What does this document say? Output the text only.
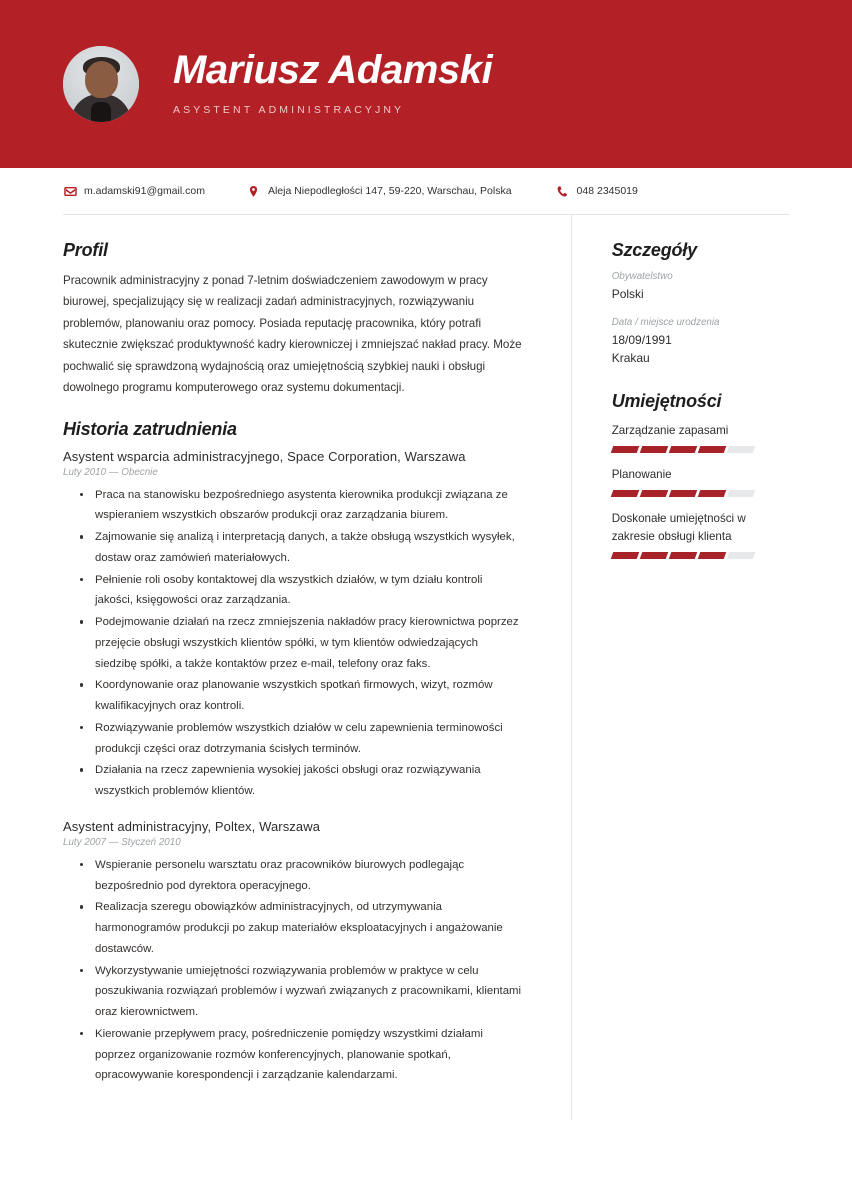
Mariusz Adamski
ASYSTENT ADMINISTRACYJNY
m.adamski91@gmail.com	Aleja Niepodległości 147, 59-220, Warschau, Polska	048 2345019
Profil

Pracownik administracyjny z ponad 7-letnim doświadczeniem zawodowym w pracy biurowej, specjalizujący się w realizacji zadań administracyjnych, rozwiązywaniu problemów, planowaniu oraz pomocy. Posiada reputację pracownika, który potrafi skutecznie zwiększać produktywność kadry kierowniczej i zmniejszać nakład pracy. Może pochwalić się sprawdzoną wydajnością oraz umiejętnością szybkiej nauki i obsługi dowolnego programu komputerowego oraz systemu dokumentacji.

Historia zatrudnienia
Asystent wsparcia administracyjnego, Space Corporation, Warszawa
Luty 2010 — Obecnie
Praca na stanowisku bezpośredniego asystenta kierownika produkcji związana ze wspieraniem wszystkich obszarów produkcji oraz zarządzania biurem.
Zajmowanie się analizą i interpretacją danych, a także obsługą wszystkich wysyłek, dostaw oraz zamówień materiałowych.
Pełnienie roli osoby kontaktowej dla wszystkich działów, w tym działu kontroli jakości, księgowości oraz zarządzania.
Podejmowanie działań na rzecz zmniejszenia nakładów pracy kierownictwa poprzez przejęcie obsługi wszystkich klientów spółki, w tym klientów odwiedzających siedzibę spółki, a także kontaktów przez e-mail, telefony oraz faks.
Koordynowanie oraz planowanie wszystkich spotkań firmowych, wizyt, rozmów kwalifikacyjnych oraz kontroli.
Rozwiązywanie problemów wszystkich działów w celu zapewnienia terminowości produkcji części oraz dotrzymania ścisłych terminów.
Działania na rzecz zapewnienia wysokiej jakości obsługi oraz rozwiązywania wszystkich problemów klientów.
Asystent administracyjny, Poltex, Warszawa
Luty 2007 — Styczeń 2010
Wspieranie personelu warsztatu oraz pracowników biurowych podlegając bezpośrednio pod dyrektora operacyjnego.
Realizacja szeregu obowiązków administracyjnych, od utrzymywania harmonogramów produkcji po zakup materiałów eksploatacyjnych i angażowanie dostawców.
Wykorzystywanie umiejętności rozwiązywania problemów w praktyce w celu poszukiwania rozwiązań problemów i wyzwań związanych z pracownikami, klientami oraz kierownictwem.
Kierowanie przepływem pracy, pośredniczenie pomiędzy wszystkimi działami poprzez organizowanie rozmów konferencyjnych, planowanie spotkań, opracowywanie korespondencji i zarządzanie kalendarzami.
Szczegóły
Obywatelstwo
Polski
Data / miejsce urodzenia
18/09/1991
Krakau
Umiejętności
Zarządzanie zapasami
Planowanie
Doskonałe umiejętności w zakresie obsługi klienta
